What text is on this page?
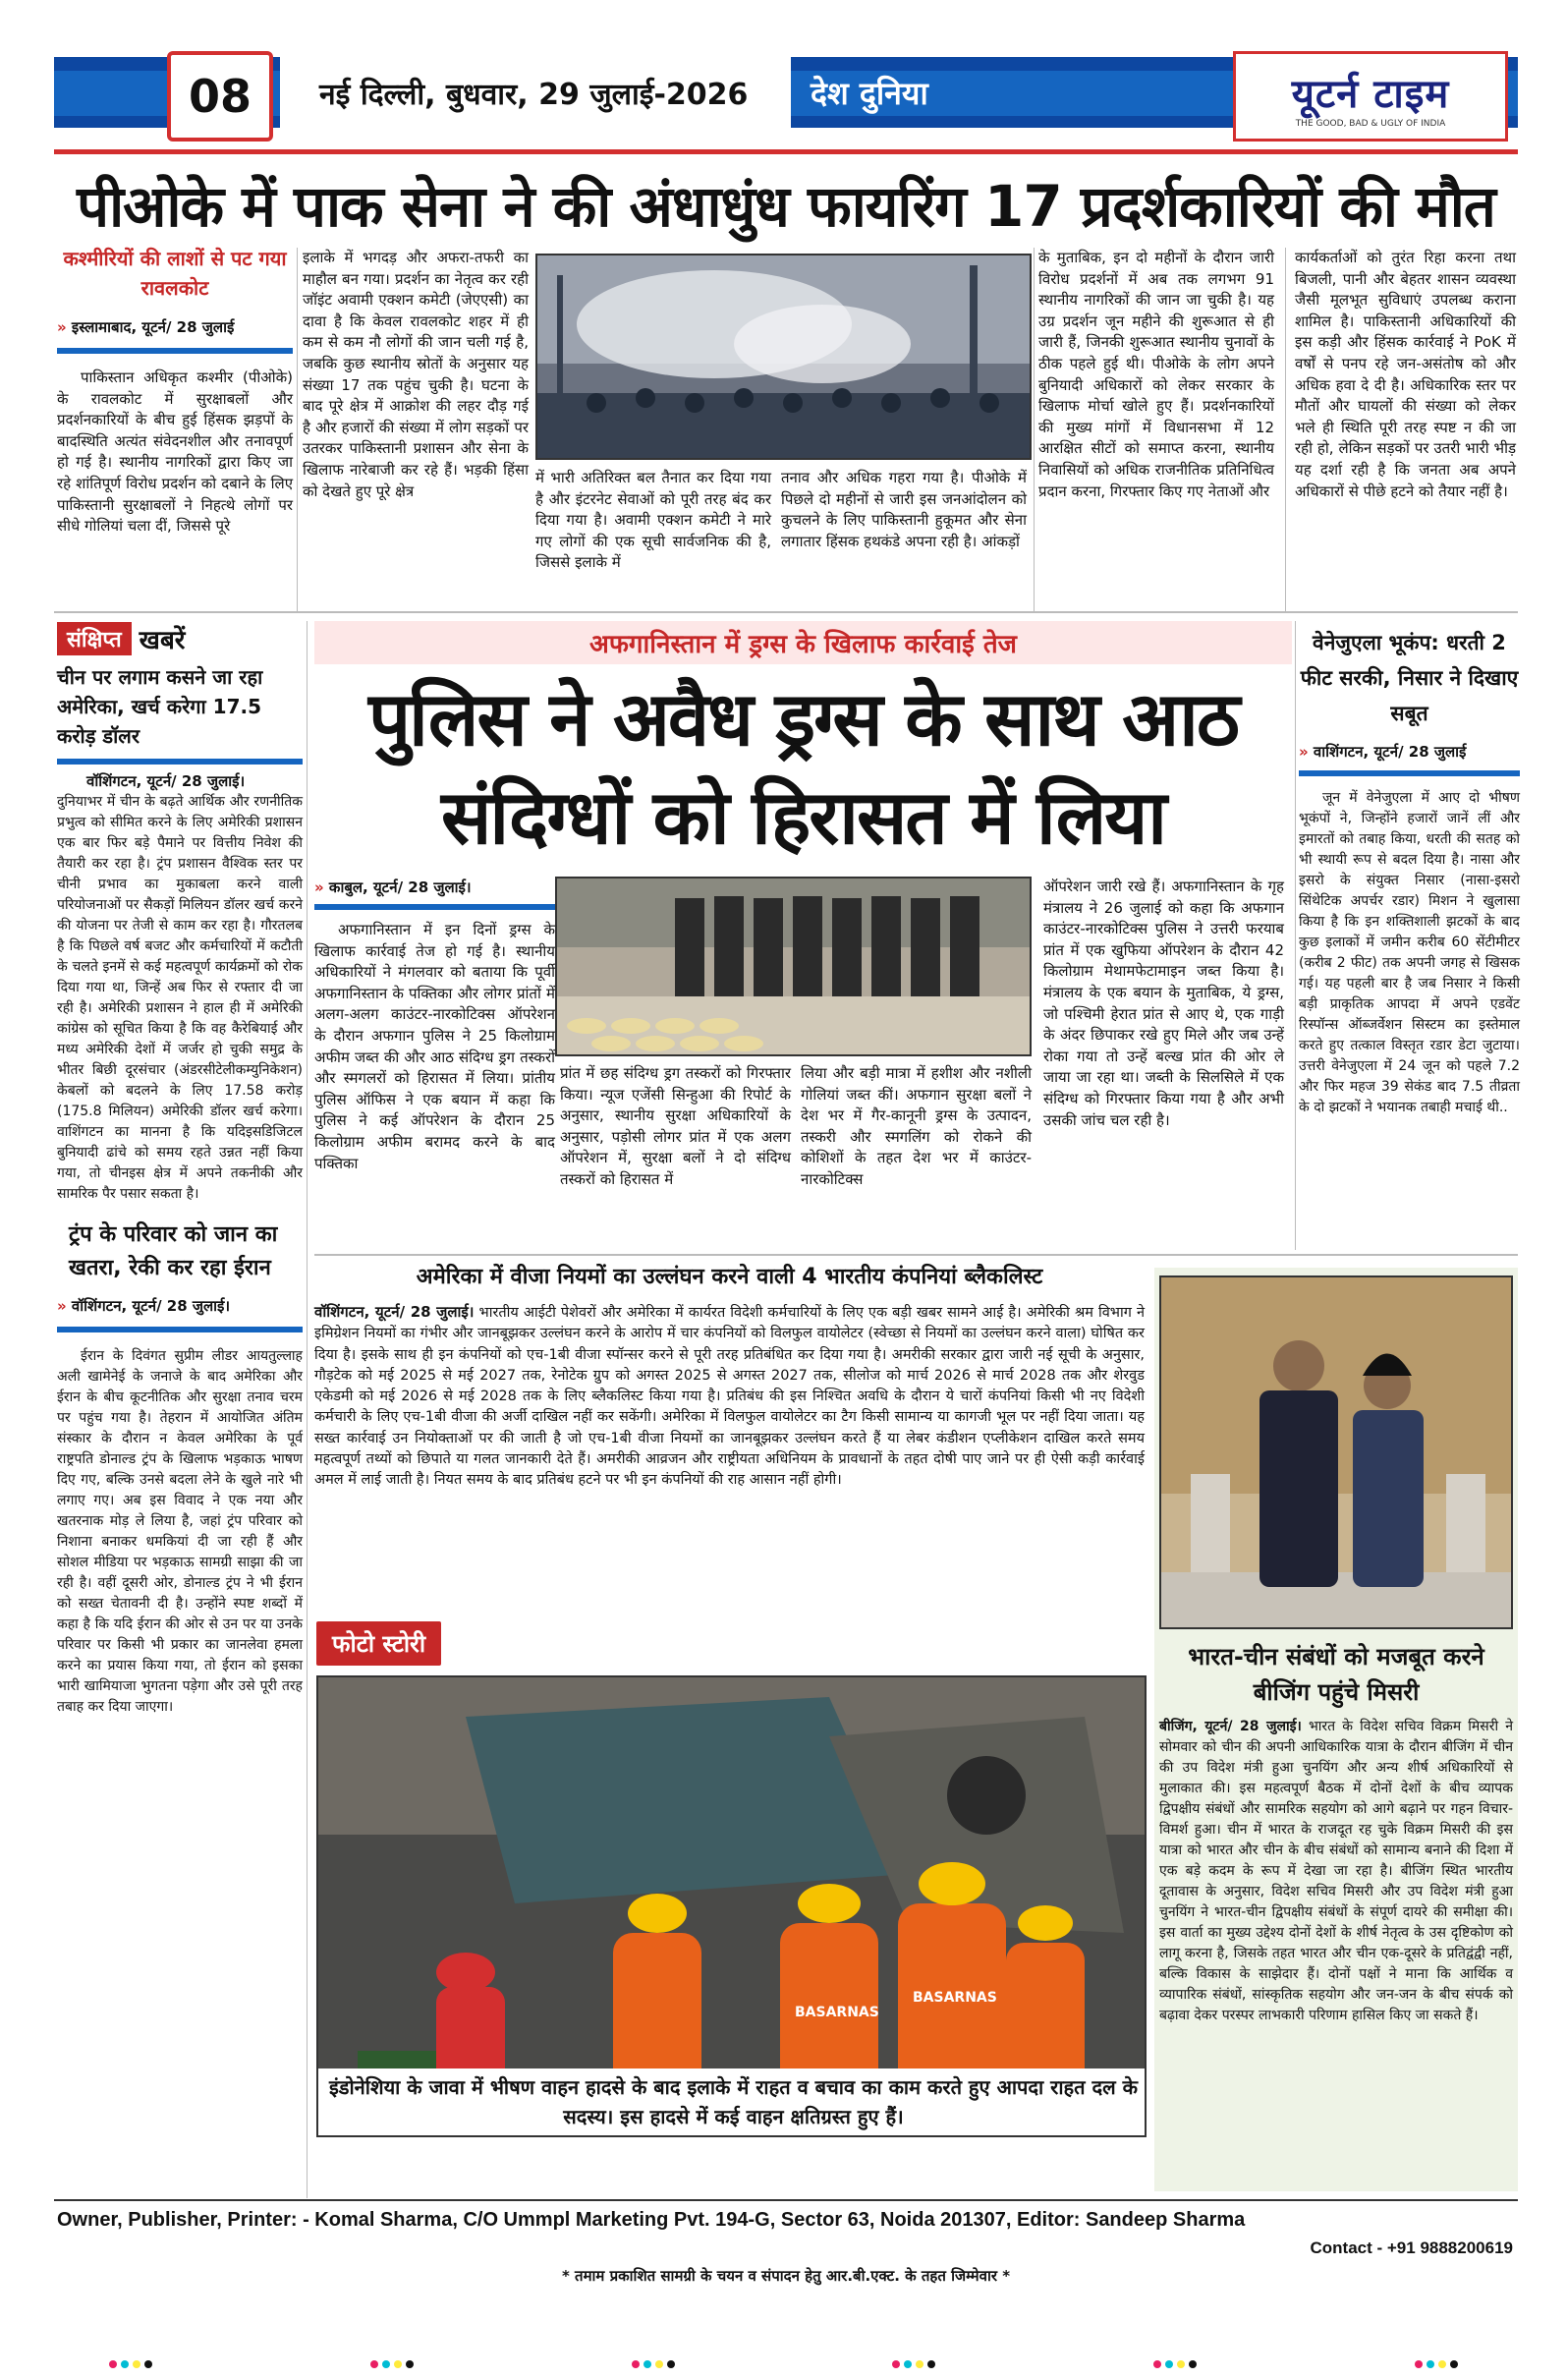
08	नई दिल्ली, बुधवार, 29 जुलाई-2026	देश दुनिया	यूटर्न टाइम
THE GOOD, BAD & UGLY OF INDIA
पीओके में पाक सेना ने की अंधाधुंध फायरिंग 17 प्रदर्शकारियों की मौत
कश्मीरियों की लाशों से पट गया रावलकोट
» इस्लामाबाद, यूटर्न/ 28 जुलाई
पाकिस्तान अधिकृत कश्मीर (पीओके) के रावलकोट में सुरक्षाबलों और प्रदर्शनकारियों के बीच हुई हिंसक झड़पों के बादस्थिति अत्यंत संवेदनशील और तनावपूर्ण हो गई है। स्थानीय नागरिकों द्वारा किए जा रहे शांतिपूर्ण विरोध प्रदर्शन को दबाने के लिए पाकिस्तानी सुरक्षाबलों ने निहत्थे लोगों पर सीधे गोलियां चला दीं, जिससे पूरे
इलाके में भगदड़ और अफरा-तफरी का माहौल बन गया। प्रदर्शन का नेतृत्व कर रही जॉइंट अवामी एक्शन कमेटी (जेएएसी) का दावा है कि केवल रावलकोट शहर में ही कम से कम नौ लोगों की जान चली गई है, जबकि कुछ स्थानीय स्रोतों के अनुसार यह संख्या 17 तक पहुंच चुकी है। घटना के बाद पूरे क्षेत्र में आक्रोश की लहर दौड़ गई है और हजारों की संख्या में लोग सड़कों पर उतरकर पाकिस्तानी प्रशासन और सेना के खिलाफ नारेबाजी कर रहे हैं। भड़की हिंसा को देखते हुए पूरे क्षेत्र
में भारी अतिरिक्त बल तैनात कर दिया गया है और इंटरनेट सेवाओं को पूरी तरह बंद कर दिया गया है। अवामी एक्शन कमेटी ने मारे गए लोगों की एक सूची सार्वजनिक की है, जिससे इलाके में
तनाव और अधिक गहरा गया है। पीओके में पिछले दो महीनों से जारी इस जनआंदोलन को कुचलने के लिए पाकिस्तानी हुकूमत और सेना लगातार हिंसक हथकंडे अपना रही है। आंकड़ों
के मुताबिक, इन दो महीनों के दौरान जारी विरोध प्रदर्शनों में अब तक लगभग 91 स्थानीय नागरिकों की जान जा चुकी है। यह उग्र प्रदर्शन जून महीने की शुरूआत से ही जारी हैं, जिनकी शुरूआत स्थानीय चुनावों के ठीक पहले हुई थी। पीओके के लोग अपने बुनियादी अधिकारों को लेकर सरकार के खिलाफ मोर्चा खोले हुए हैं। प्रदर्शनकारियों की मुख्य मांगों में विधानसभा में 12 आरक्षित सीटों को समाप्त करना, स्थानीय निवासियों को अधिक राजनीतिक प्रतिनिधित्व प्रदान करना, गिरफ्तार किए गए नेताओं और
कार्यकर्ताओं को तुरंत रिहा करना तथा बिजली, पानी और बेहतर शासन व्यवस्था जैसी मूलभूत सुविधाएं उपलब्ध कराना शामिल है। पाकिस्तानी अधिकारियों की इस कड़ी और हिंसक कार्रवाई ने PoK में वर्षों से पनप रहे जन-असंतोष को और अधिक हवा दे दी है। अधिकारिक स्तर पर मौतों और घायलों की संख्या को लेकर भले ही स्थिति पूरी तरह स्पष्ट न की जा रही हो, लेकिन सड़कों पर उतरी भारी भीड़ यह दर्शा रही है कि जनता अब अपने अधिकारों से पीछे हटने को तैयार नहीं है।
संक्षिप्त खबरें
चीन पर लगाम कसने जा रहा अमेरिका, खर्च करेगा 17.5 करोड़ डॉलर
वॉशिंगटन, यूटर्न/ 28 जुलाई।
दुनियाभर में चीन के बढ़ते आर्थिक और रणनीतिक प्रभुत्व को सीमित करने के लिए अमेरिकी प्रशासन एक बार फिर बड़े पैमाने पर वित्तीय निवेश की तैयारी कर रहा है। ट्रंप प्रशासन वैश्विक स्तर पर चीनी प्रभाव का मुकाबला करने वाली परियोजनाओं पर सैकड़ों मिलियन डॉलर खर्च करने की योजना पर तेजी से काम कर रहा है। गौरतलब है कि पिछले वर्ष बजट और कर्मचारियों में कटौती के चलते इनमें से कई महत्वपूर्ण कार्यक्रमों को रोक दिया गया था, जिन्हें अब फिर से रफ्तार दी जा रही है। अमेरिकी प्रशासन ने हाल ही में अमेरिकी कांग्रेस को सूचित किया है कि वह कैरेबियाई और मध्य अमेरिकी देशों में जर्जर हो चुकी समुद्र के भीतर बिछी दूरसंचार (अंडरसीटेलीकम्युनिकेशन) केबलों को बदलने के लिए 17.58 करोड़ (175.8 मिलियन) अमेरिकी डॉलर खर्च करेगा। वाशिंगटन का मानना है कि यदिइसडिजिटल बुनियादी ढांचे को समय रहते उन्नत नहीं किया गया, तो चीनइस क्षेत्र में अपने तकनीकी और सामरिक पैर पसार सकता है।
ट्रंप के परिवार को जान का खतरा, रेकी कर रहा ईरान
» वॉशिंगटन, यूटर्न/ 28 जुलाई।
ईरान के दिवंगत सुप्रीम लीडर आयतुल्लाह अली खामेनेई के जनाजे के बाद अमेरिका और ईरान के बीच कूटनीतिक और सुरक्षा तनाव चरम पर पहुंच गया है। तेहरान में आयोजित अंतिम संस्कार के दौरान न केवल अमेरिका के पूर्व राष्ट्रपति डोनाल्ड ट्रंप के खिलाफ भड़काऊ भाषण दिए गए, बल्कि उनसे बदला लेने के खुले नारे भी लगाए गए। अब इस विवाद ने एक नया और खतरनाक मोड़ ले लिया है, जहां ट्रंप परिवार को निशाना बनाकर धमकियां दी जा रही हैं और सोशल मीडिया पर भड़काऊ सामग्री साझा की जा रही है। वहीं दूसरी ओर, डोनाल्ड ट्रंप ने भी ईरान को सख्त चेतावनी दी है। उन्होंने स्पष्ट शब्दों में कहा है कि यदि ईरान की ओर से उन पर या उनके परिवार पर किसी भी प्रकार का जानलेवा हमला करने का प्रयास किया गया, तो ईरान को इसका भारी खामियाजा भुगतना पड़ेगा और उसे पूरी तरह तबाह कर दिया जाएगा।
अफगानिस्तान में ड्रग्स के खिलाफ कार्रवाई तेज
पुलिस ने अवैध ड्रग्स के साथ आठ
संदिग्धों को हिरासत में लिया
» काबुल, यूटर्न/ 28 जुलाई।
अफगानिस्तान में इन दिनों ड्रग्स के खिलाफ कार्रवाई तेज हो गई है। स्थानीय अधिकारियों ने मंगलवार को बताया कि पूर्वी अफगानिस्तान के पक्तिका और लोगर प्रांतों में अलग-अलग काउंटर-नारकोटिक्स ऑपरेशन के दौरान अफगान पुलिस ने 25 किलोग्राम अफीम जब्त की और आठ संदिग्ध ड्रग तस्करों और स्मगलरों को हिरासत में लिया। प्रांतीय पुलिस ऑफिस ने एक बयान में कहा कि पुलिस ने कई ऑपरेशन के दौरान 25 किलोग्राम अफीम बरामद करने के बाद पक्तिका
प्रांत में छह संदिग्ध ड्रग तस्करों को गिरफ्तार किया। न्यूज एजेंसी सिन्हुआ की रिपोर्ट के अनुसार, स्थानीय सुरक्षा अधिकारियों के अनुसार, पड़ोसी लोगर प्रांत में एक अलग ऑपरेशन में, सुरक्षा बलों ने दो संदिग्ध तस्करों को हिरासत में
लिया और बड़ी मात्रा में हशीश और नशीली गोलियां जब्त कीं। अफगान सुरक्षा बलों ने देश भर में गैर-कानूनी ड्रग्स के उत्पादन, तस्करी और स्मगलिंग को रोकने की कोशिशों के तहत देश भर में काउंटर-नारकोटिक्स
ऑपरेशन जारी रखे हैं। अफगानिस्तान के गृह मंत्रालय ने 26 जुलाई को कहा कि अफगान काउंटर-नारकोटिक्स पुलिस ने उत्तरी फरयाब प्रांत में एक खुफिया ऑपरेशन के दौरान 42 किलोग्राम मेथामफेटामाइन जब्त किया है। मंत्रालय के एक बयान के मुताबिक, ये ड्रग्स, जो पश्चिमी हेरात प्रांत से आए थे, एक गाड़ी के अंदर छिपाकर रखे हुए मिले और जब उन्हें रोका गया तो उन्हें बल्ख प्रांत की ओर ले जाया जा रहा था। जब्ती के सिलसिले में एक संदिग्ध को गिरफ्तार किया गया है और अभी उसकी जांच चल रही है।
वेनेजुएला भूकंप: धरती 2 फीट सरकी, निसार ने दिखाए सबूत
» वाशिंगटन, यूटर्न/ 28 जुलाई
जून में वेनेजुएला में आए दो भीषण भूकंपों ने, जिन्होंने हजारों जानें लीं और इमारतों को तबाह किया, धरती की सतह को भी स्थायी रूप से बदल दिया है। नासा और इसरो के संयुक्त निसार (नासा-इसरो सिंथेटिक अपर्चर रडार) मिशन ने खुलासा किया है कि इन शक्तिशाली झटकों के बाद कुछ इलाकों में जमीन करीब 60 सेंटीमीटर (करीब 2 फीट) तक अपनी जगह से खिसक गई। यह पहली बार है जब निसार ने किसी बड़ी प्राकृतिक आपदा में अपने एडवेंट रिस्पॉन्स ऑब्जर्वेशन सिस्टम का इस्तेमाल करते हुए तत्काल विस्तृत रडार डेटा जुटाया। उत्तरी वेनेजुएला में 24 जून को पहले 7.2 और फिर महज 39 सेकंड बाद 7.5 तीव्रता के दो झटकों ने भयानक तबाही मचाई थी..
अमेरिका में वीजा नियमों का उल्लंघन करने वाली 4 भारतीय कंपनियां ब्लैकलिस्ट
वॉशिंगटन, यूटर्न/ 28 जुलाई। भारतीय आईटी पेशेवरों और अमेरिका में कार्यरत विदेशी कर्मचारियों के लिए एक बड़ी खबर सामने आई है। अमेरिकी श्रम विभाग ने इमिग्रेशन नियमों का गंभीर और जानबूझकर उल्लंघन करने के आरोप में चार कंपनियों को विलफुल वायोलेटर (स्वेच्छा से नियमों का उल्लंघन करने वाला) घोषित कर दिया है। इसके साथ ही इन कंपनियों को एच-1बी वीजा स्पॉन्सर करने से पूरी तरह प्रतिबंधित कर दिया गया है। अमरीकी सरकार द्वारा जारी नई सूची के अनुसार, गौड़टेक को मई 2025 से मई 2027 तक, रेनोटेक ग्रुप को अगस्त 2025 से अगस्त 2027 तक, सीलोज को मार्च 2026 से मार्च 2028 तक और शेरवुड एकेडमी को मई 2026 से मई 2028 तक के लिए ब्लैकलिस्ट किया गया है। प्रतिबंध की इस निश्चित अवधि के दौरान ये चारों कंपनियां किसी भी नए विदेशी कर्मचारी के लिए एच-1बी वीजा की अर्जी दाखिल नहीं कर सकेंगी। अमेरिका में विलफुल वायोलेटर का टैग किसी सामान्य या कागजी भूल पर नहीं दिया जाता। यह सख्त कार्रवाई उन नियोक्ताओं पर की जाती है जो एच-1बी वीजा नियमों का जानबूझकर उल्लंघन करते हैं या लेबर कंडीशन एप्लीकेशन दाखिल करते समय महत्वपूर्ण तथ्यों को छिपाते या गलत जानकारी देते हैं। अमरीकी आव्रजन और राष्ट्रीयता अधिनियम के प्रावधानों के तहत दोषी पाए जाने पर ही ऐसी कड़ी कार्रवाई अमल में लाई जाती है। नियत समय के बाद प्रतिबंध हटने पर भी इन कंपनियों की राह आसान नहीं होगी।
फोटो स्टोरी
BASARNAS
BASARNAS
इंडोनेशिया के जावा में भीषण वाहन हादसे के बाद इलाके में राहत व बचाव का काम करते हुए आपदा राहत दल के सदस्य। इस हादसे में कई वाहन क्षतिग्रस्त हुए हैं।
भारत-चीन संबंधों को मजबूत करने बीजिंग पहुंचे मिसरी
बीजिंग, यूटर्न/ 28 जुलाई। भारत के विदेश सचिव विक्रम मिसरी ने सोमवार को चीन की अपनी आधिकारिक यात्रा के दौरान बीजिंग में चीन की उप विदेश मंत्री हुआ चुनयिंग और अन्य शीर्ष अधिकारियों से मुलाकात की। इस महत्वपूर्ण बैठक में दोनों देशों के बीच व्यापक द्विपक्षीय संबंधों और सामरिक सहयोग को आगे बढ़ाने पर गहन विचार-विमर्श हुआ। चीन में भारत के राजदूत रह चुके विक्रम मिसरी की इस यात्रा को भारत और चीन के बीच संबंधों को सामान्य बनाने की दिशा में एक बड़े कदम के रूप में देखा जा रहा है। बीजिंग स्थित भारतीय दूतावास के अनुसार, विदेश सचिव मिसरी और उप विदेश मंत्री हुआ चुनयिंग ने भारत-चीन द्विपक्षीय संबंधों के संपूर्ण दायरे की समीक्षा की। इस वार्ता का मुख्य उद्देश्य दोनों देशों के शीर्ष नेतृत्व के उस दृष्टिकोण को लागू करना है, जिसके तहत भारत और चीन एक-दूसरे के प्रतिद्वंद्वी नहीं, बल्कि विकास के साझेदार हैं। दोनों पक्षों ने माना कि आर्थिक व व्यापारिक संबंधों, सांस्कृतिक सहयोग और जन-जन के बीच संपर्क को बढ़ावा देकर परस्पर लाभकारी परिणाम हासिल किए जा सकते हैं।
Owner, Publisher, Printer: - Komal Sharma, C/O Ummpl Marketing Pvt. 194-G, Sector 63, Noida 201307, Editor: Sandeep Sharma
Contact - +91 9888200619
* तमाम प्रकाशित सामग्री के चयन व संपादन हेतु आर.बी.एक्ट. के तहत जिम्मेवार *
